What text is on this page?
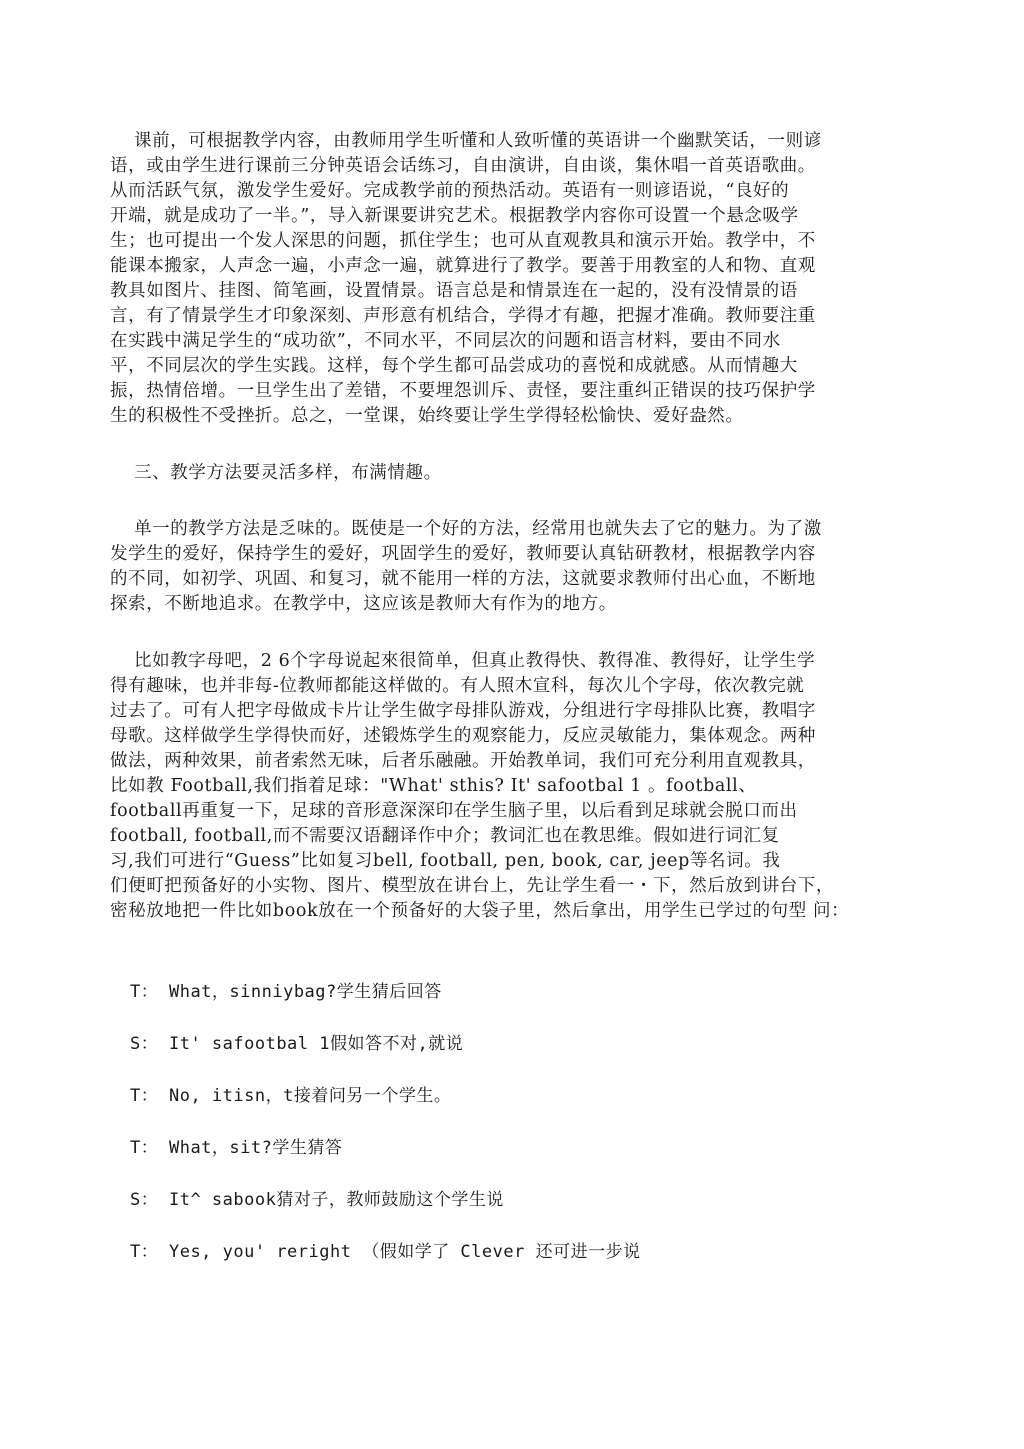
课前，可根据教学内容，由教师用学生听懂和人致听懂的英语讲一个幽默笑话，一则谚
语，或由学生进行课前三分钟英语会话练习，自由演讲，自由谈，集休唱一首英语歌曲。
从而活跃气氛，激发学生爱好。完成教学前的预热活动。英语有一则谚语说，“良好的
开端，就是成功了一半。”，导入新课要讲究艺术。根据教学内容你可设置一个悬念吸学
生；也可提出一个发人深思的问题，抓住学生；也可从直观教具和演示开始。教学中，不
能课本搬家，人声念一遍，小声念一遍，就算进行了教学。要善于用教室的人和物、直观
教具如图片、挂图、简笔画，设置情景。语言总是和情景连在一起的，没有没情景的语
言，有了情景学生才印象深刻、声形意有机结合，学得才有趣，把握才准确。教师要注重
在实践中满足学生的“成功欲”，不同水平，不同层次的问题和语言材料，要由不同水
平，不同层次的学生实践。这样，每个学生都可品尝成功的喜悦和成就感。从而情趣大
振，热情倍增。一旦学生出了差错，不要埋怨训斥、责怪，要注重纠正错误的技巧保护学
生的积极性不受挫折。总之，一堂课，始终要让学生学得轻松愉快、爱好盎然。
三、教学方法要灵活多样，布满情趣。
单一的教学方法是乏味的。既使是一个好的方法，经常用也就失去了它的魅力。为了激
发学生的爱好，保持学生的爱好，巩固学生的爱好，教师要认真钻研教材，根据教学内容
的不同，如初学、巩固、和复习，就不能用一样的方法，这就要求教师付出心血，不断地
探索，不断地追求。在教学中，这应该是教师大有作为的地方。
比如教字母吧，2 6个字母说起來很简单，但真止教得快、教得准、教得好，让学生学
得有趣味，也并非每-位教师都能这样做的。有人照木宣科，每次儿个字母，依次教完就
过去了。可有人把字母做成卡片让学生做字母排队游戏，分组进行字母排队比赛，教唱字
母歌。这样做学生学得快而好，述锻炼学生的观察能力，反应灵敏能力，集体观念。两种
做法，两种效果，前者索然无味，后者乐融融。开始教单词，我们可充分利用直观教具，
比如教 Football,我们指着足球："What' sthis? It' safootbal 1 。football、
football再重复一下，足球的音形意深深印在学生脑子里，以后看到足球就会脱口而出
football, football,而不需要汉语翻译作中介；教词汇也在教思维。假如进行词汇复
习,我们可进行“Guess”比如复习bell, football, pen, book, car, jeep等名词。我
们便町把预备好的小实物、图片、模型放在讲台上，先让学生看一・下，然后放到讲台下，
密秘放地把一件比如book放在一个预备好的大袋子里，然后拿出，用学生已学过的句型 问：
T： What，sinniybag?学生猜后回答
S： It' safootbal 1假如答不对,就说
T： No, itisn，t接着问另一个学生。
T： What，sit?学生猜答
S： It^ sabook猜对子，教师鼓励这个学生说
T： Yes, you' reright （假如学了 Clever 还可进一步说
